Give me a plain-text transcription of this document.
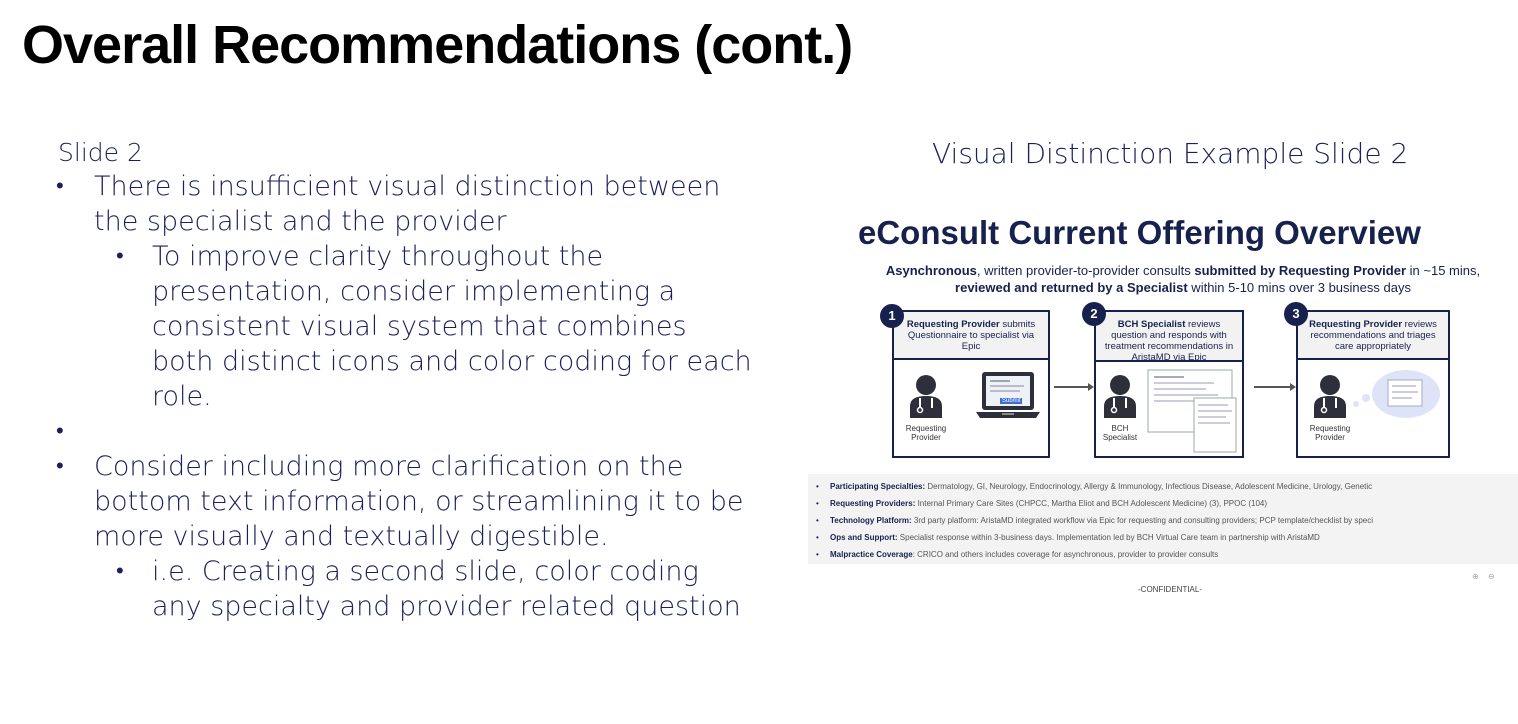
Overall Recommendations (cont.)
Slide 2
• There is insufficient visual distinction between the specialist and the provider
• To improve clarity throughout the presentation, consider implementing a consistent visual system that combines both distinct icons and color coding for each role.
•
• Consider including more clarification on the bottom text information, or streamlining it to be more visually and textually digestible.
• i.e. Creating a second slide, color coding any specialty and provider related question
Visual Distinction Example Slide 2
eConsult Current Offering Overview
Asynchronous, written provider-to-provider consults submitted by Requesting Provider in ~15 mins,
reviewed and returned by a Specialist within 5-10 mins over 3 business days
Requesting Provider submits Questionnaire to specialist via Epic
Requesting Provider
Submit
1
BCH Specialist reviews question and responds with treatment recommendations in AristaMD via Epic
BCH Specialist
2
Requesting Provider reviews recommendations and triages care appropriately
Requesting Provider
3
• Participating Specialties: Dermatology, GI, Neurology, Endocrinology, Allergy & Immunology, Infectious Disease, Adolescent Medicine, Urology, Genetic
• Requesting Providers: Internal Primary Care Sites (CHPCC, Martha Eliot and BCH Adolescent Medicine) (3), PPOC (104)
• Technology Platform: 3rd party platform: AristaMD integrated workflow via Epic for requesting and consulting providers; PCP template/checklist by speci
• Ops and Support: Specialist response within 3-business days. Implementation led by BCH Virtual Care team in partnership with AristaMD
• Malpractice Coverage: CRICO and others includes coverage for asynchronous, provider to provider consults
⊕ ⊖
-CONFIDENTIAL-
